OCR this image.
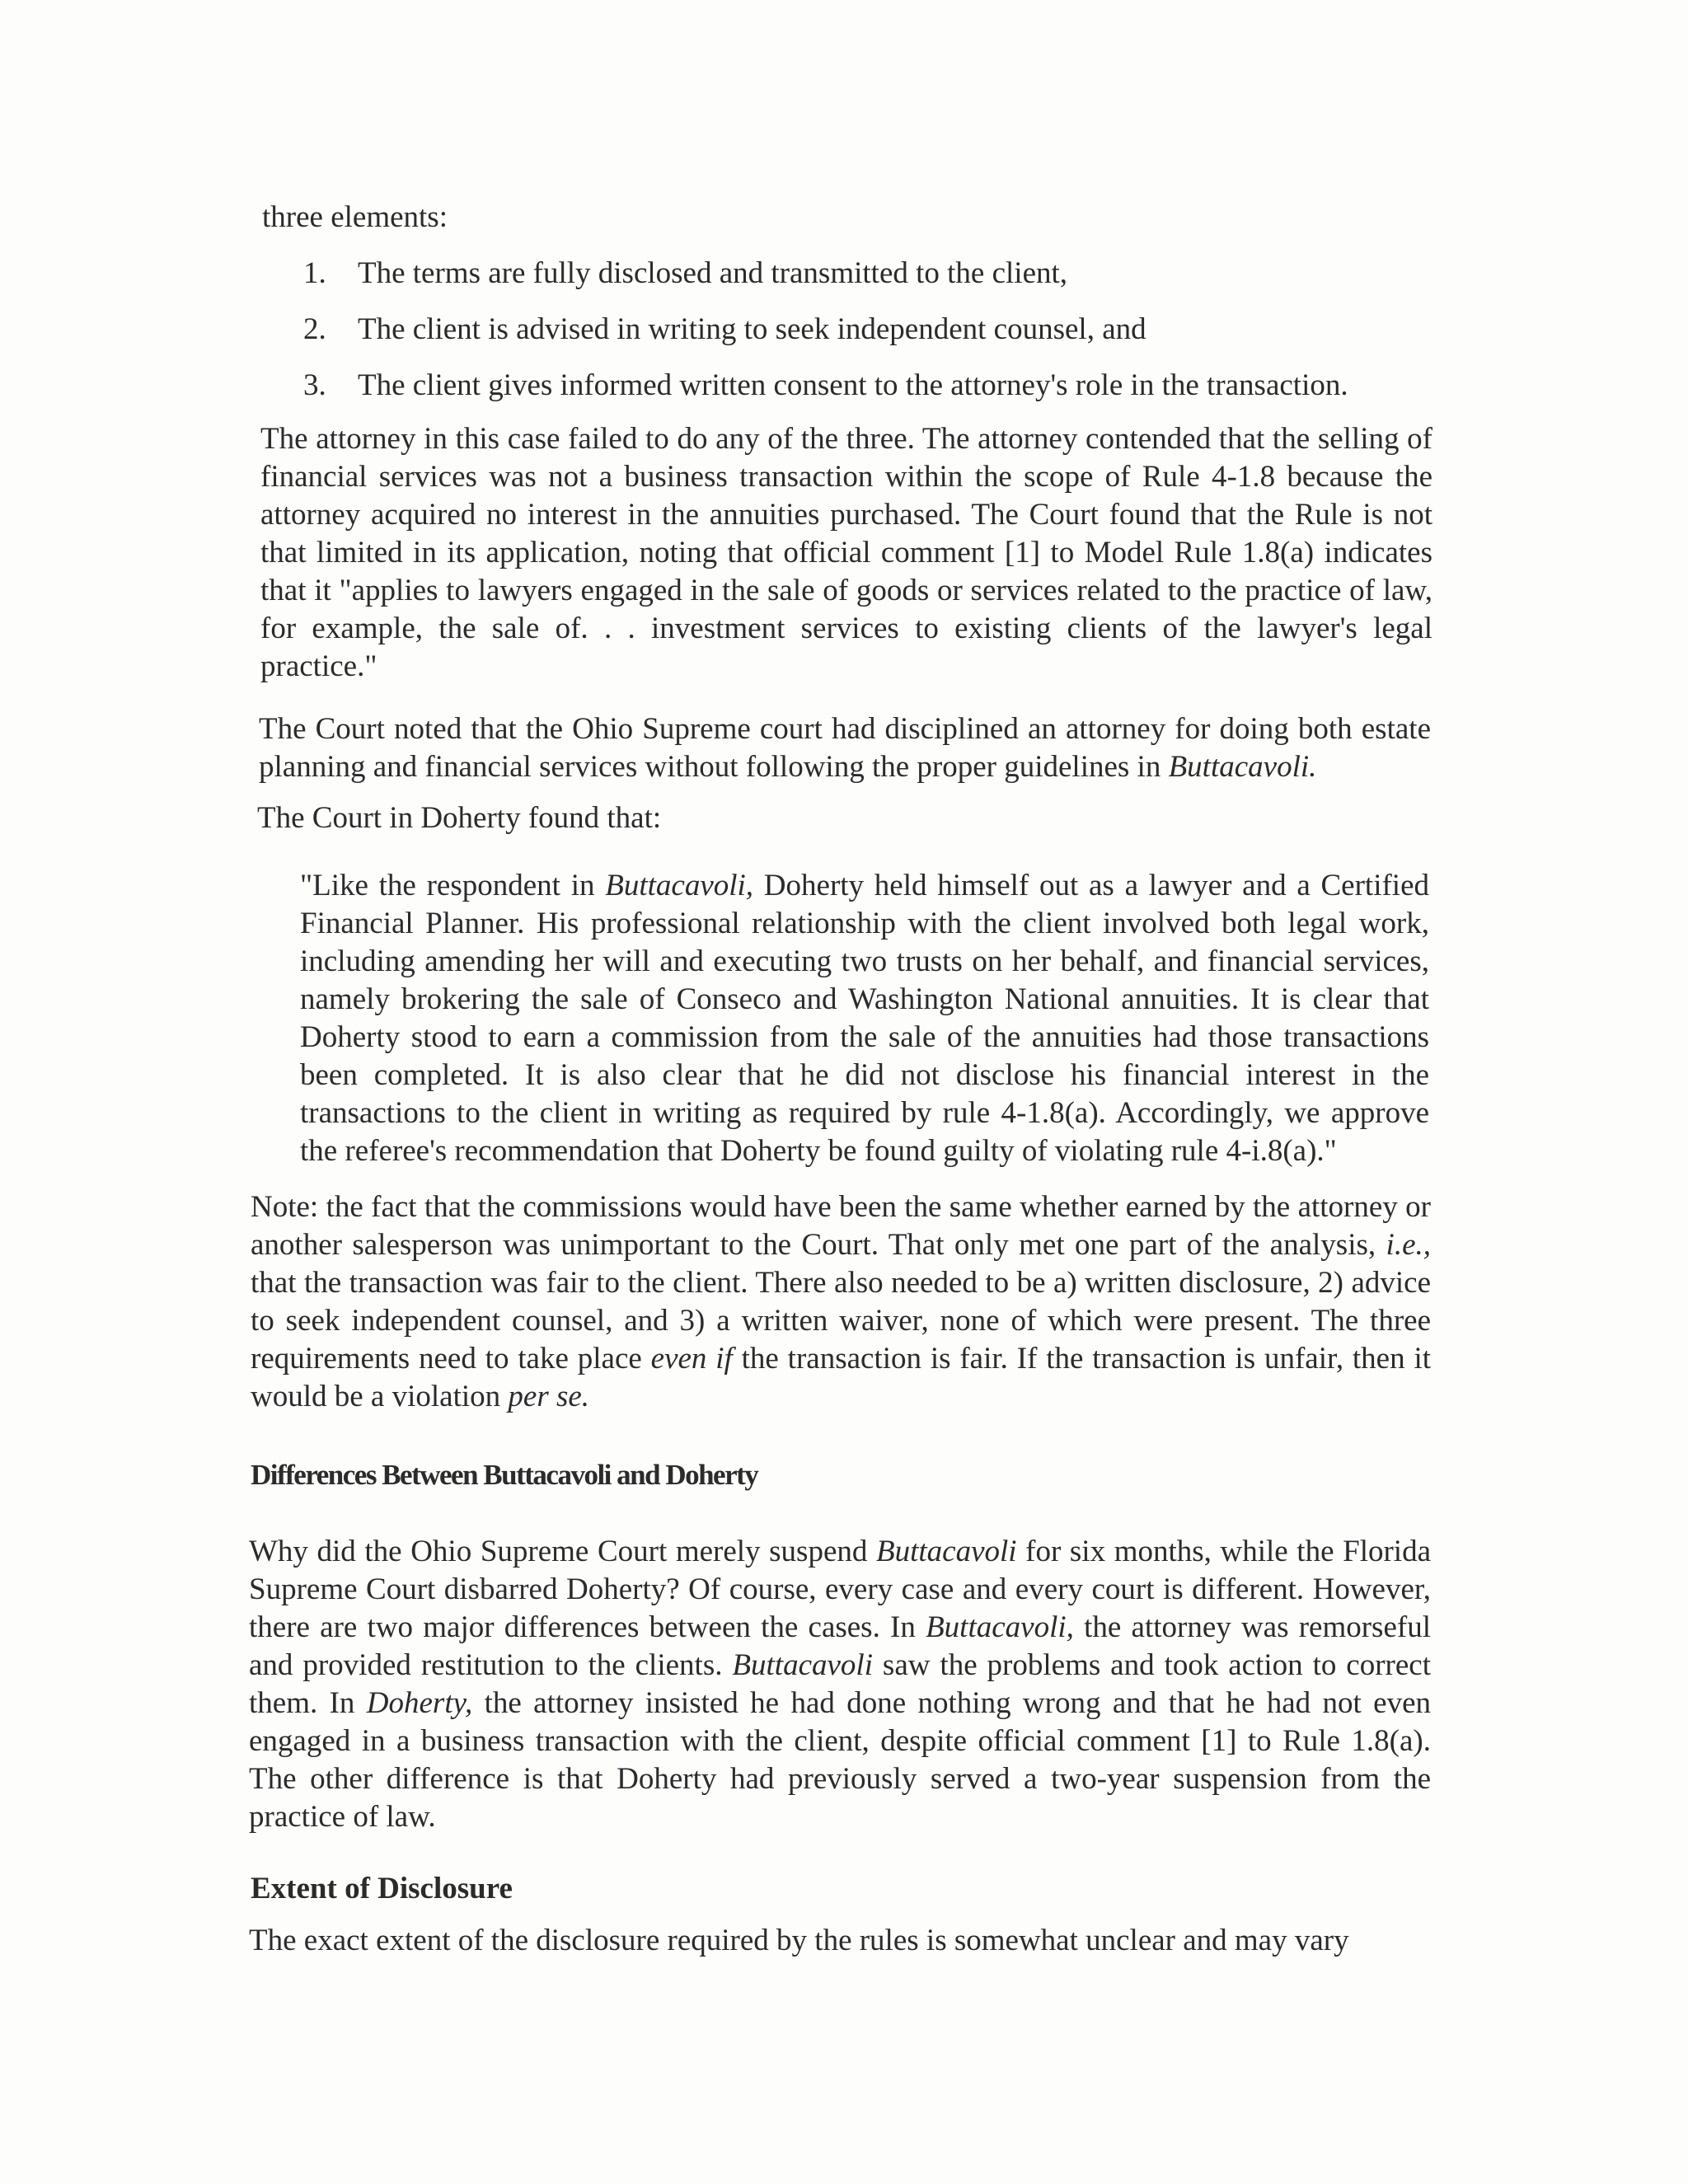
three elements:

1.	The terms are fully disclosed and transmitted to the client,
2.	The client is advised in writing to seek independent counsel, and
3.	The client gives informed written consent to the attorney's role in the transaction.

The attorney in this case failed to do any of the three. The attorney contended that the selling of financial services was not a business transaction within the scope of Rule 4-1.8 because the attorney acquired no interest in the annuities purchased. The Court found that the Rule is not that limited in its application, noting that official comment [1] to Model Rule 1.8(a) indicates that it "applies to lawyers engaged in the sale of goods or services related to the practice of law, for example, the sale of. . . investment services to existing clients of the lawyer's legal practice."

The Court noted that the Ohio Supreme court had disciplined an attorney for doing both estate planning and financial services without following the proper guidelines in Buttacavoli.

The Court in Doherty found that:

"Like the respondent in Buttacavoli, Doherty held himself out as a lawyer and a Certified Financial Planner. His professional relationship with the client involved both legal work, including amending her will and executing two trusts on her behalf, and financial services, namely brokering the sale of Conseco and Washington National annuities. It is clear that Doherty stood to earn a commission from the sale of the annuities had those transactions been completed. It is also clear that he did not disclose his financial interest in the transactions to the client in writing as required by rule 4-1.8(a). Accordingly, we approve the referee's recommendation that Doherty be found guilty of violating rule 4-i.8(a)."

Note: the fact that the commissions would have been the same whether earned by the attorney or another salesperson was unimportant to the Court. That only met one part of the analysis, i.e., that the transaction was fair to the client. There also needed to be a) written disclosure, 2) advice to seek independent counsel, and 3) a written waiver, none of which were present. The three requirements need to take place even if the transaction is fair. If the transaction is unfair, then it would be a violation per se.

Differences Between Buttacavoli and Doherty

Why did the Ohio Supreme Court merely suspend Buttacavoli for six months, while the Florida Supreme Court disbarred Doherty? Of course, every case and every court is different. However, there are two major differences between the cases. In Buttacavoli, the attorney was remorseful and provided restitution to the clients. Buttacavoli saw the problems and took action to correct them. In Doherty, the attorney insisted he had done nothing wrong and that he had not even engaged in a business transaction with the client, despite official comment [1] to Rule 1.8(a). The other difference is that Doherty had previously served a two-year suspension from the practice of law.

Extent of Disclosure

The exact extent of the disclosure required by the rules is somewhat unclear and may vary
